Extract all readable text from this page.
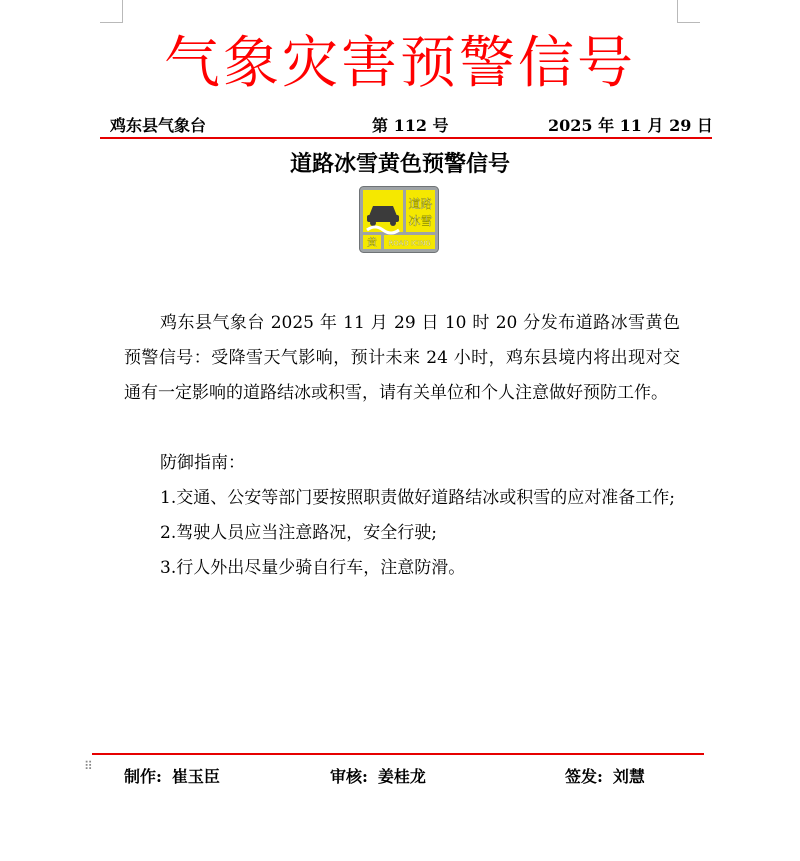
气象灾害预警信号
鸡东县气象台	第 112 号	2025 年 11 月 29 日
道路冰雪黄色预警信号
道路
冰雪
黄 ROAD ICING

鸡东县气象台 2025 年 11 月 29 日 10 时 20 分发布道路冰雪黄色预警信号：受降雪天气影响，预计未来 24 小时，鸡东县境内将出现对交通有一定影响的道路结冰或积雪，请有关单位和个人注意做好预防工作。

防御指南：

1.交通、公安等部门要按照职责做好道路结冰或积雪的应对准备工作;

2.驾驶人员应当注意路况，安全行驶;

3.行人外出尽量少骑自行车，注意防滑。

⠿
制作: 崔玉臣	审核: 姜桂龙	签发: 刘慧
